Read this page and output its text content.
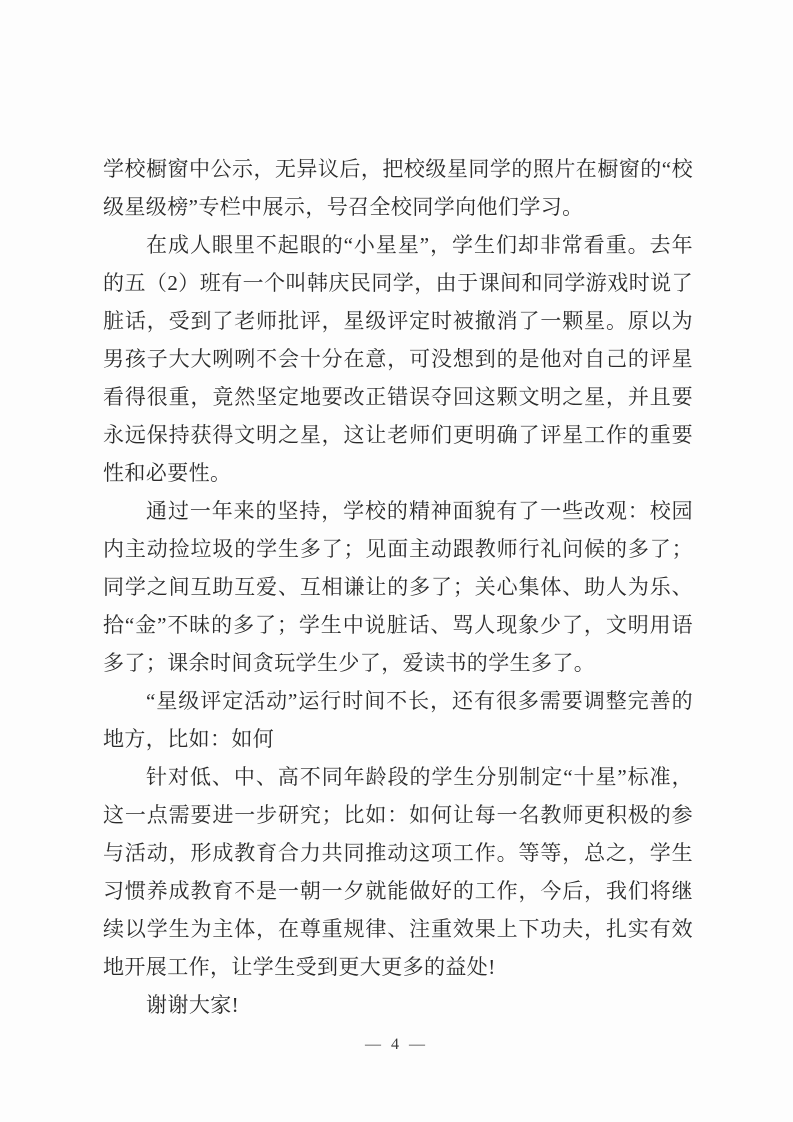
学校橱窗中公示，无异议后，把校级星同学的照片在橱窗的“校级星级榜”专栏中展示，号召全校同学向他们学习。

在成人眼里不起眼的“小星星”，学生们却非常看重。去年的五（2）班有一个叫韩庆民同学，由于课间和同学游戏时说了脏话，受到了老师批评，星级评定时被撤消了一颗星。原以为男孩子大大咧咧不会十分在意，可没想到的是他对自己的评星看得很重，竟然坚定地要改正错误夺回这颗文明之星，并且要永远保持获得文明之星，这让老师们更明确了评星工作的重要性和必要性。

通过一年来的坚持，学校的精神面貌有了一些改观：校园内主动捡垃圾的学生多了；见面主动跟教师行礼问候的多了；同学之间互助互爱、互相谦让的多了；关心集体、助人为乐、拾“金”不昧的多了；学生中说脏话、骂人现象少了，文明用语多了；课余时间贪玩学生少了，爱读书的学生多了。

“星级评定活动”运行时间不长，还有很多需要调整完善的地方，比如：如何

针对低、中、高不同年龄段的学生分别制定“十星”标准，这一点需要进一步研究；比如：如何让每一名教师更积极的参与活动，形成教育合力共同推动这项工作。等等，总之，学生习惯养成教育不是一朝一夕就能做好的工作，今后，我们将继续以学生为主体，在尊重规律、注重效果上下功夫，扎实有效地开展工作，让学生受到更大更多的益处!

谢谢大家!

— 4 —
